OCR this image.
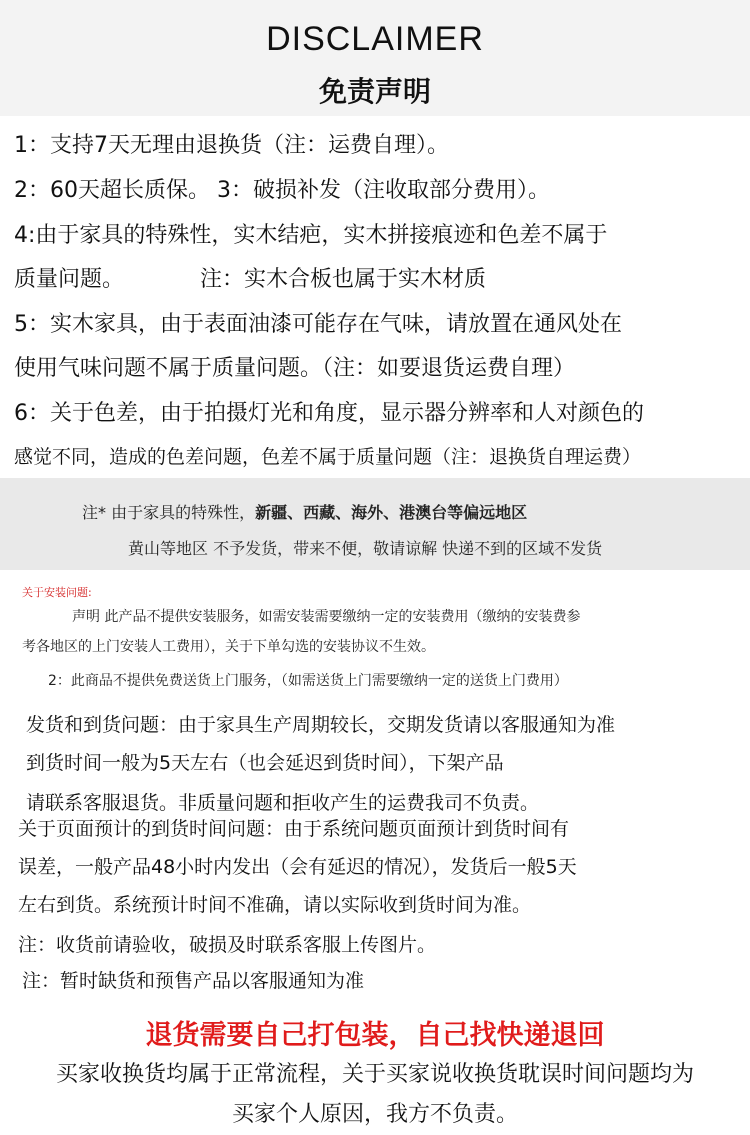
DISCLAIMER
免责声明
1：支持7天无理由退换货（注：运费自理）。
2：60天超长质保。 3：破损补发（注收取部分费用）。
4:由于家具的特殊性，实木结疤，实木拼接痕迹和色差不属于
质量问题。	注：实木合板也属于实木材质
5：实木家具，由于表面油漆可能存在气味，请放置在通风处在
使用气味问题不属于质量问题。（注：如要退货运费自理）
6：关于色差，由于拍摄灯光和角度，显示器分辨率和人对颜色的
感觉不同，造成的色差问题，色差不属于质量问题（注：退换货自理运费）
注* 由于家具的特殊性，新疆、西藏、海外、港澳台等偏远地区
黄山等地区 不予发货，带来不便，敬请谅解 快递不到的区域不发货
关于安装问题:
声明 此产品不提供安装服务，如需安装需要缴纳一定的安装费用（缴纳的安装费参
考各地区的上门安装人工费用），关于下单勾选的安装协议不生效。
2：此商品不提供免费送货上门服务，（如需送货上门需要缴纳一定的送货上门费用）
发货和到货问题：由于家具生产周期较长，交期发货请以客服通知为准
到货时间一般为5天左右（也会延迟到货时间），下架产品
请联系客服退货。非质量问题和拒收产生的运费我司不负责。
关于页面预计的到货时间问题：由于系统问题页面预计到货时间有
误差，一般产品48小时内发出（会有延迟的情况），发货后一般5天
左右到货。系统预计时间不准确，请以实际收到货时间为准。
注：收货前请验收，破损及时联系客服上传图片。
注：暂时缺货和预售产品以客服通知为准
退货需要自己打包装，自己找快递退回
买家收换货均属于正常流程，关于买家说收换货耽误时间问题均为
买家个人原因，我方不负责。
